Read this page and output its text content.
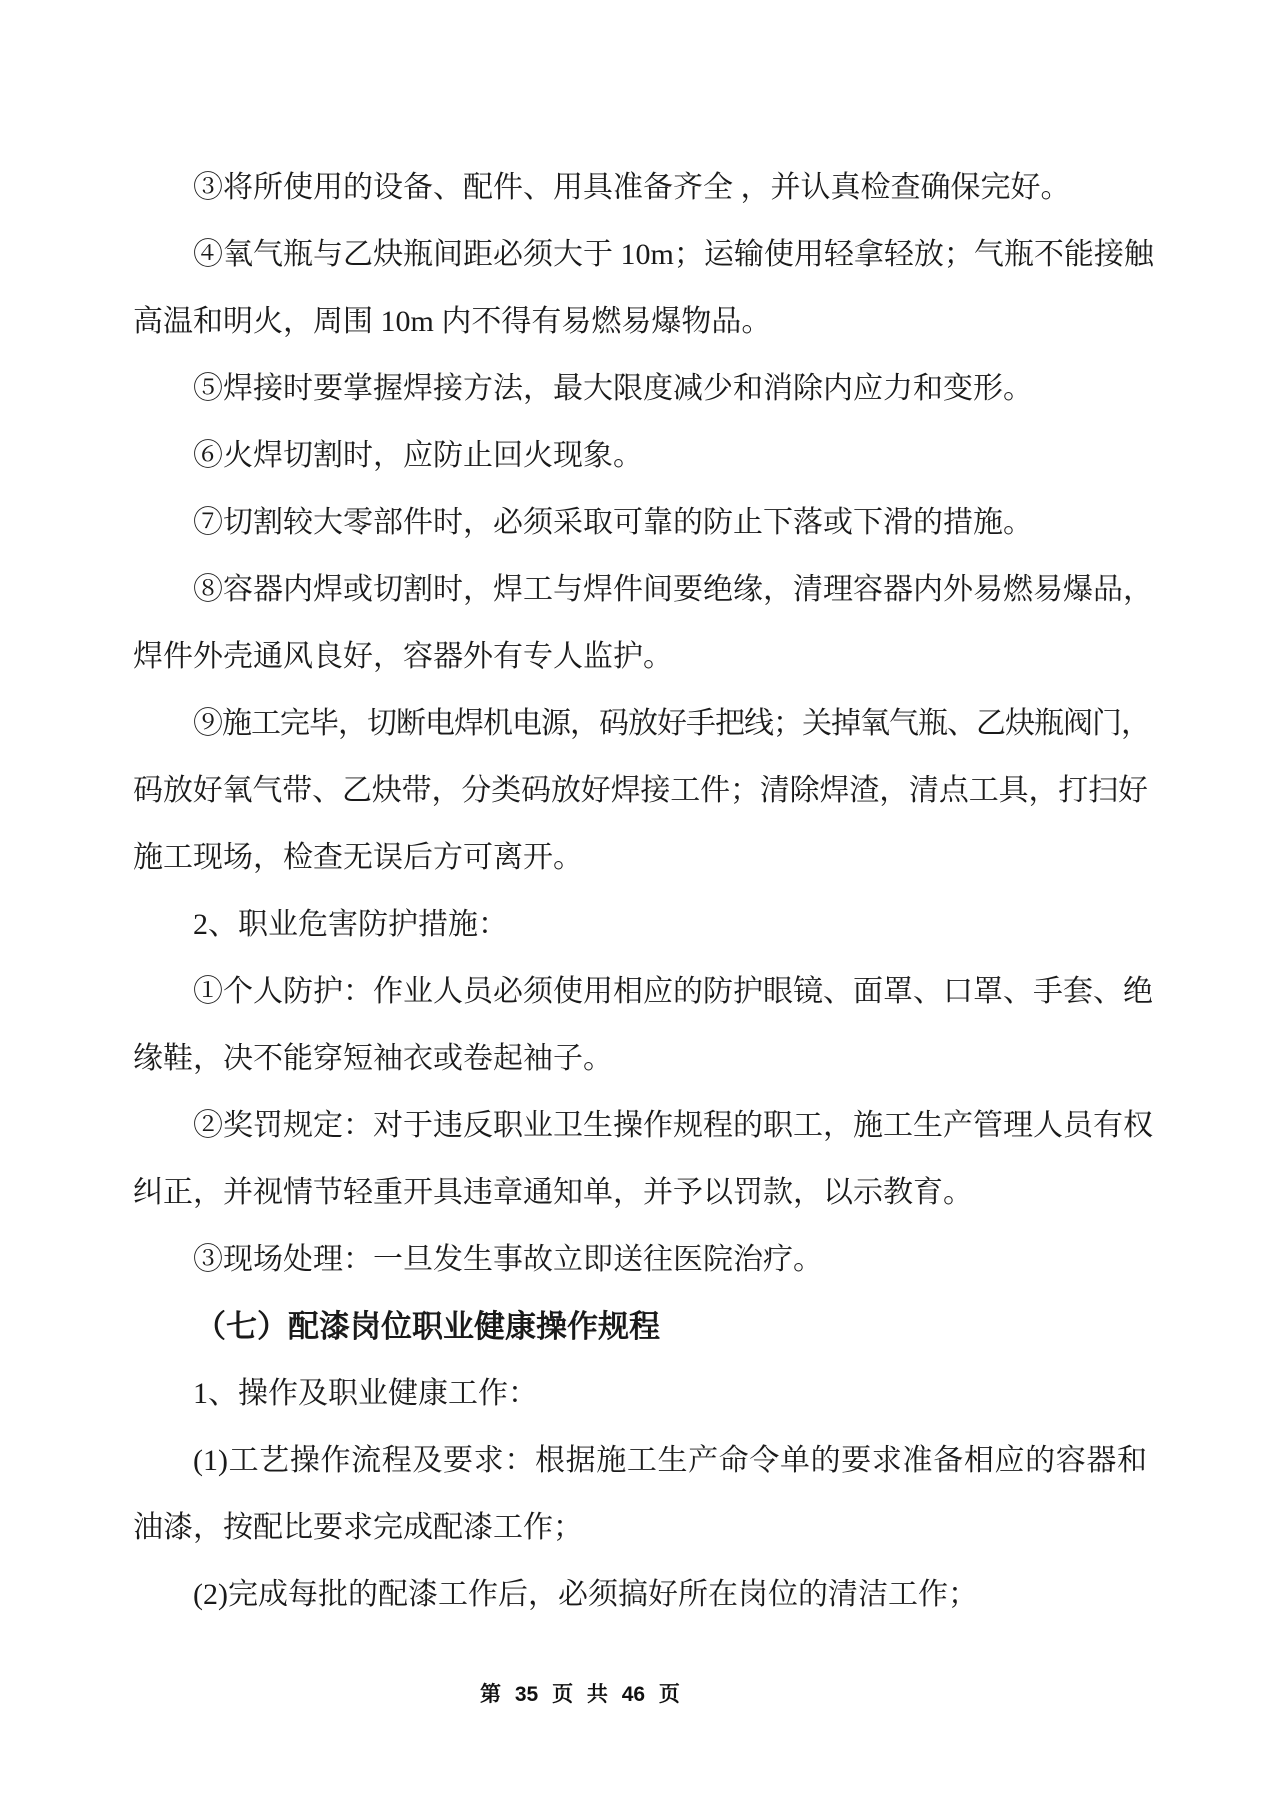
③将所使用的设备、配件、用具准备齐全 ，并认真检查确保完好。
④氧气瓶与乙炔瓶间距必须大于 10m；运输使用轻拿轻放；气瓶不能接触
高温和明火，周围 10m 内不得有易燃易爆物品。
⑤焊接时要掌握焊接方法，最大限度减少和消除内应力和变形。
⑥火焊切割时，应防止回火现象。
⑦切割较大零部件时，必须采取可靠的防止下落或下滑的措施。
⑧容器内焊或切割时，焊工与焊件间要绝缘，清理容器内外易燃易爆品，
焊件外壳通风良好，容器外有专人监护。
⑨施工完毕，切断电焊机电源，码放好手把线；关掉氧气瓶、乙炔瓶阀门，
码放好氧气带、乙炔带，分类码放好焊接工件；清除焊渣，清点工具，打扫好
施工现场，检查无误后方可离开。
2、职业危害防护措施：
①个人防护：作业人员必须使用相应的防护眼镜、面罩、口罩、手套、绝
缘鞋，决不能穿短袖衣或卷起袖子。
②奖罚规定：对于违反职业卫生操作规程的职工，施工生产管理人员有权
纠正，并视情节轻重开具违章通知单，并予以罚款，以示教育。
③现场处理：一旦发生事故立即送往医院治疗。
（七）配漆岗位职业健康操作规程
1、操作及职业健康工作：
(1)工艺操作流程及要求：根据施工生产命令单的要求准备相应的容器和
油漆，按配比要求完成配漆工作；
(2)完成每批的配漆工作后，必须搞好所在岗位的清洁工作；
第 35 页 共 46 页
